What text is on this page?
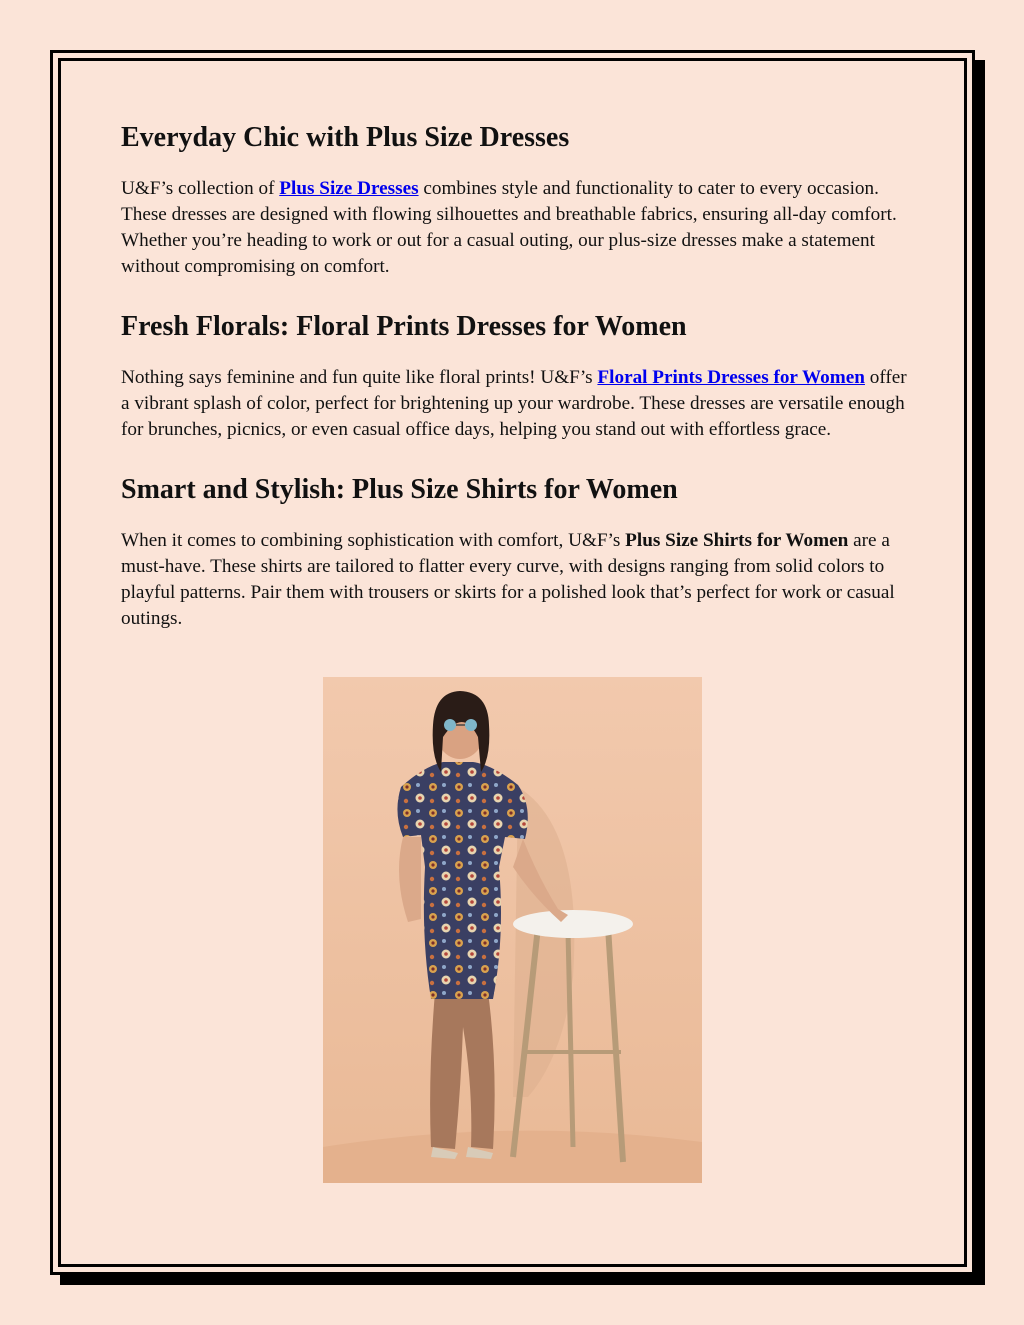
Everyday Chic with Plus Size Dresses

U&F’s collection of Plus Size Dresses combines style and functionality to cater to every occasion. These dresses are designed with flowing silhouettes and breathable fabrics, ensuring all-day comfort. Whether you’re heading to work or out for a casual outing, our plus-size dresses make a statement without compromising on comfort.

Fresh Florals: Floral Prints Dresses for Women

Nothing says feminine and fun quite like floral prints! U&F’s Floral Prints Dresses for Women offer a vibrant splash of color, perfect for brightening up your wardrobe. These dresses are versatile enough for brunches, picnics, or even casual office days, helping you stand out with effortless grace.

Smart and Stylish: Plus Size Shirts for Women

When it comes to combining sophistication with comfort, U&F’s Plus Size Shirts for Women are a must-have. These shirts are tailored to flatter every curve, with designs ranging from solid colors to playful patterns. Pair them with trousers or skirts for a polished look that’s perfect for work or casual outings.
